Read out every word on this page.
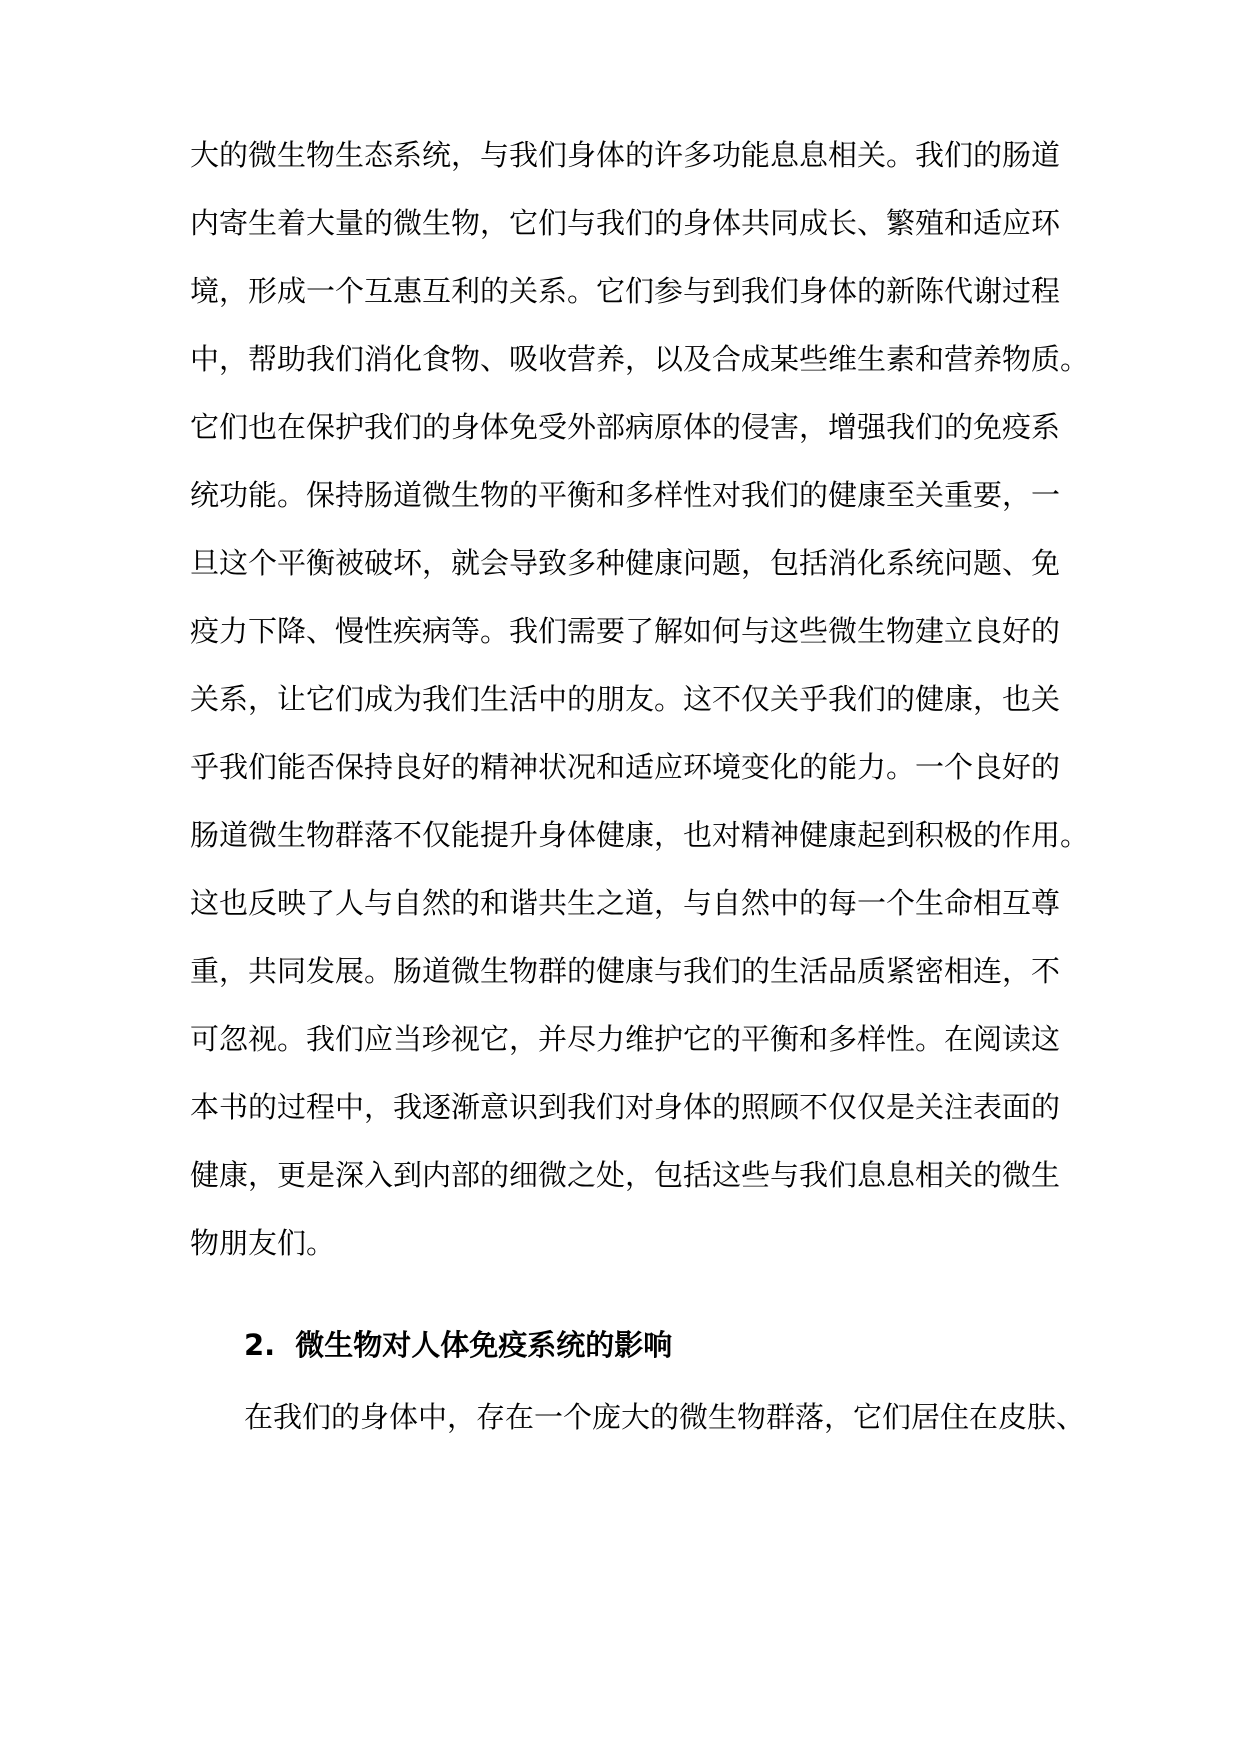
大的微生物生态系统，与我们身体的许多功能息息相关。我们的肠道
内寄生着大量的微生物，它们与我们的身体共同成长、繁殖和适应环
境，形成一个互惠互利的关系。它们参与到我们身体的新陈代谢过程
中，帮助我们消化食物、吸收营养，以及合成某些维生素和营养物质。
它们也在保护我们的身体免受外部病原体的侵害，增强我们的免疫系
统功能。保持肠道微生物的平衡和多样性对我们的健康至关重要，一
旦这个平衡被破坏，就会导致多种健康问题，包括消化系统问题、免
疫力下降、慢性疾病等。我们需要了解如何与这些微生物建立良好的
关系，让它们成为我们生活中的朋友。这不仅关乎我们的健康，也关
乎我们能否保持良好的精神状况和适应环境变化的能力。一个良好的
肠道微生物群落不仅能提升身体健康，也对精神健康起到积极的作用。
这也反映了人与自然的和谐共生之道，与自然中的每一个生命相互尊
重，共同发展。肠道微生物群的健康与我们的生活品质紧密相连，不
可忽视。我们应当珍视它，并尽力维护它的平衡和多样性。在阅读这
本书的过程中，我逐渐意识到我们对身体的照顾不仅仅是关注表面的
健康，更是深入到内部的细微之处，包括这些与我们息息相关的微生
物朋友们。
2. 微生物对人体免疫系统的影响
在我们的身体中，存在一个庞大的微生物群落，它们居住在皮肤、
